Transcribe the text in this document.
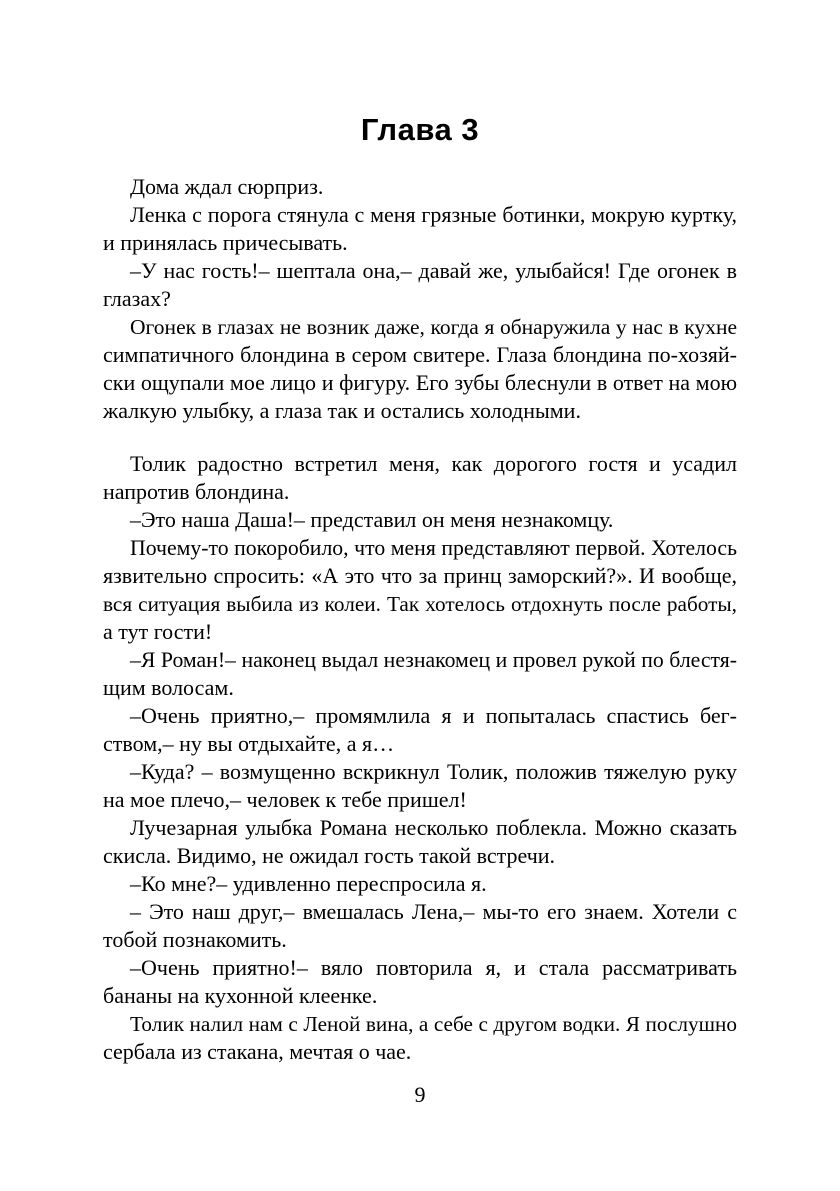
Глава 3
Дома ждал сюрприз.
Ленка с порога стянула с меня грязные ботинки, мокрую куртку,
и принялась причесывать.
–У нас гость!– шептала она,– давай же, улыбайся! Где огонек в
глазах?
Огонек в глазах не возник даже, когда я обнаружила у нас в кухне
симпатичного блондина в сером свитере. Глаза блондина по-хозяй-
ски ощупали мое лицо и фигуру. Его зубы блеснули в ответ на мою
жалкую улыбку, а глаза так и остались холодными.
Толик радостно встретил меня, как дорогого гостя и усадил
напротив блондина.
–Это наша Даша!– представил он меня незнакомцу.
Почему-то покоробило, что меня представляют первой. Хотелось
язвительно спросить: «А это что за принц заморский?». И вообще,
вся ситуация выбила из колеи. Так хотелось отдохнуть после работы,
а тут гости!
–Я Роман!– наконец выдал незнакомец и провел рукой по блестя-
щим волосам.
–Очень приятно,– промямлила я и попыталась спастись бег-
ством,– ну вы отдыхайте, а я…
–Куда? – возмущенно вскрикнул Толик, положив тяжелую руку
на мое плечо,– человек к тебе пришел!
Лучезарная улыбка Романа несколько поблекла. Можно сказать
скисла. Видимо, не ожидал гость такой встречи.
–Ко мне?– удивленно переспросила я.
– Это наш друг,– вмешалась Лена,– мы-то его знаем. Хотели с
тобой познакомить.
–Очень приятно!– вяло повторила я, и стала рассматривать
бананы на кухонной клеенке.
Толик налил нам с Леной вина, а себе с другом водки. Я послушно
сербала из стакана, мечтая о чае.
9
